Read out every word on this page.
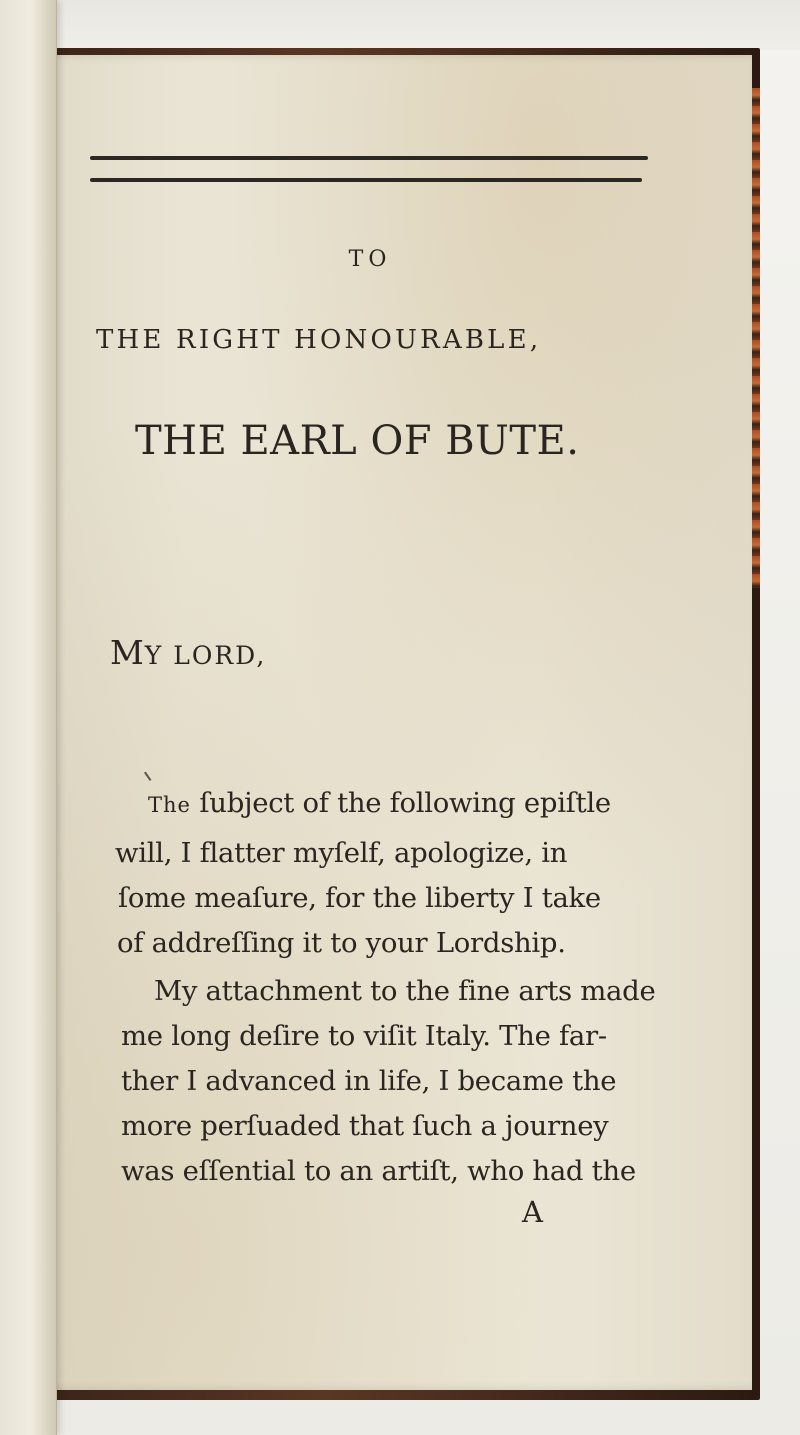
TO

THE RIGHT HONOURABLE,

THE EARL OF BUTE.

MY LORD,

The ſubject of the following epiſtle

will, I flatter myſelf, apologize, in

ſome meaſure, for the liberty I take

of addreſſing it to your Lordship.

My attachment to the fine arts made

me long deſire to viſit Italy. The far-

ther I advanced in life, I became the

more perſuaded that ſuch a journey

was eſſential to an artiſt, who had the

A
